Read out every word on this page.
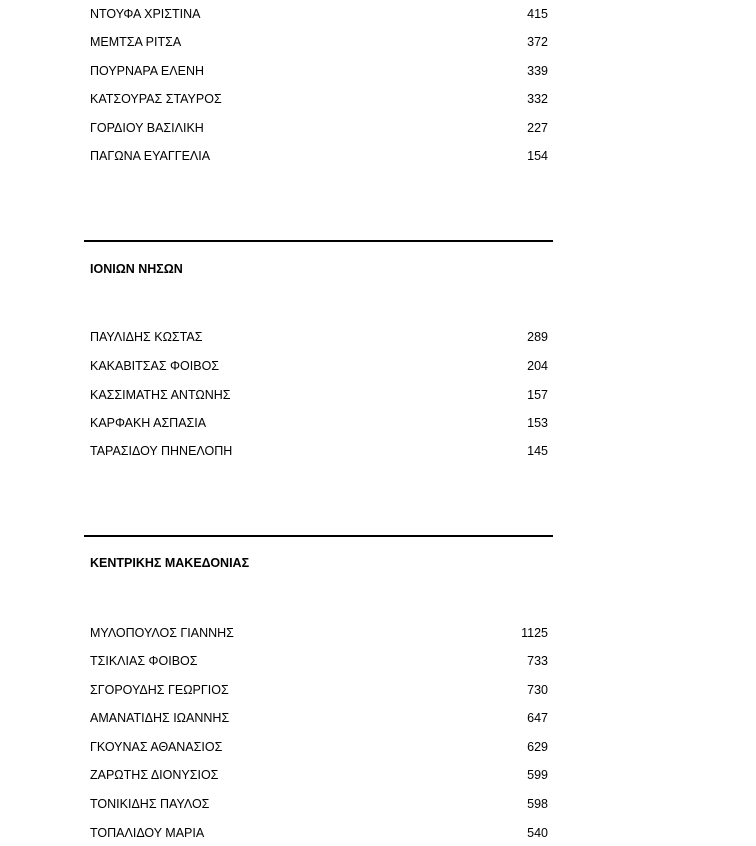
ΝΤΟΥΦΑ ΧΡΙΣΤΙΝΑ	415
ΜΕΜΤΣΑ ΡΙΤΣΑ	372
ΠΟΥΡΝΑΡΑ ΕΛΕΝΗ	339
ΚΑΤΣΟΥΡΑΣ ΣΤΑΥΡΟΣ	332
ΓΟΡΔΙΟΥ ΒΑΣΙΛΙΚΗ	227
ΠΑΓΩΝΑ ΕΥΑΓΓΕΛΙΑ	154
ΙΟΝΙΩΝ ΝΗΣΩΝ
ΠΑΥΛΙΔΗΣ ΚΩΣΤΑΣ	289
ΚΑΚΑΒΙΤΣΑΣ ΦΟΙΒΟΣ	204
ΚΑΣΣΙΜΑΤΗΣ ΑΝΤΩΝΗΣ	157
ΚΑΡΦΑΚΗ ΑΣΠΑΣΙΑ	153
ΤΑΡΑΣΙΔΟΥ ΠΗΝΕΛΟΠΗ	145
ΚΕΝΤΡΙΚΗΣ ΜΑΚΕΔΟΝΙΑΣ
ΜΥΛΟΠΟΥΛΟΣ ΓΙΑΝΝΗΣ	1125
ΤΣΙΚΛΙΑΣ ΦΟΙΒΟΣ	733
ΣΓΟΡΟΥΔΗΣ ΓΕΩΡΓΙΟΣ	730
ΑΜΑΝΑΤΙΔΗΣ ΙΩΑΝΝΗΣ	647
ΓΚΟΥΝΑΣ ΑΘΑΝΑΣΙΟΣ	629
ΖΑΡΩΤΗΣ ΔΙΟΝΥΣΙΟΣ	599
ΤΟΝΙΚΙΔΗΣ ΠΑΥΛΟΣ	598
ΤΟΠΑΛΙΔΟΥ ΜΑΡΙΑ	540
